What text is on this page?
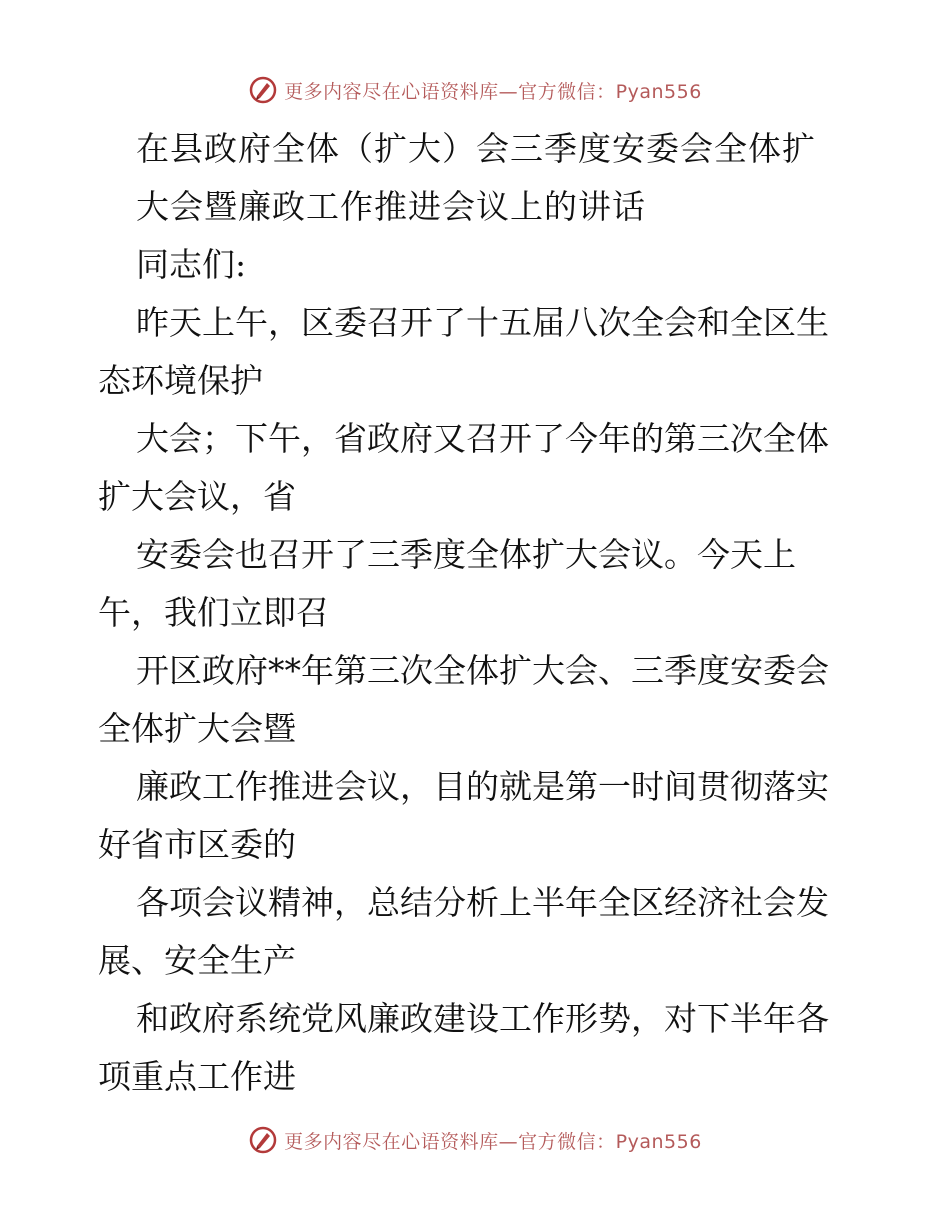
更多内容尽在心语资料库—官方微信：Pyan556
在县政府全体（扩大）会三季度安委会全体扩
大会暨廉政工作推进会议上的讲话
同志们:
昨天上午，区委召开了十五届八次全会和全区生
态环境保护
大会；下午，省政府又召开了今年的第三次全体
扩大会议，省
安委会也召开了三季度全体扩大会议。今天上
午，我们立即召
开区政府**年第三次全体扩大会、三季度安委会
全体扩大会暨
廉政工作推进会议，目的就是第一时间贯彻落实
好省市区委的
各项会议精神，总结分析上半年全区经济社会发
展、安全生产
和政府系统党风廉政建设工作形势，对下半年各
项重点工作进
更多内容尽在心语资料库—官方微信：Pyan556
